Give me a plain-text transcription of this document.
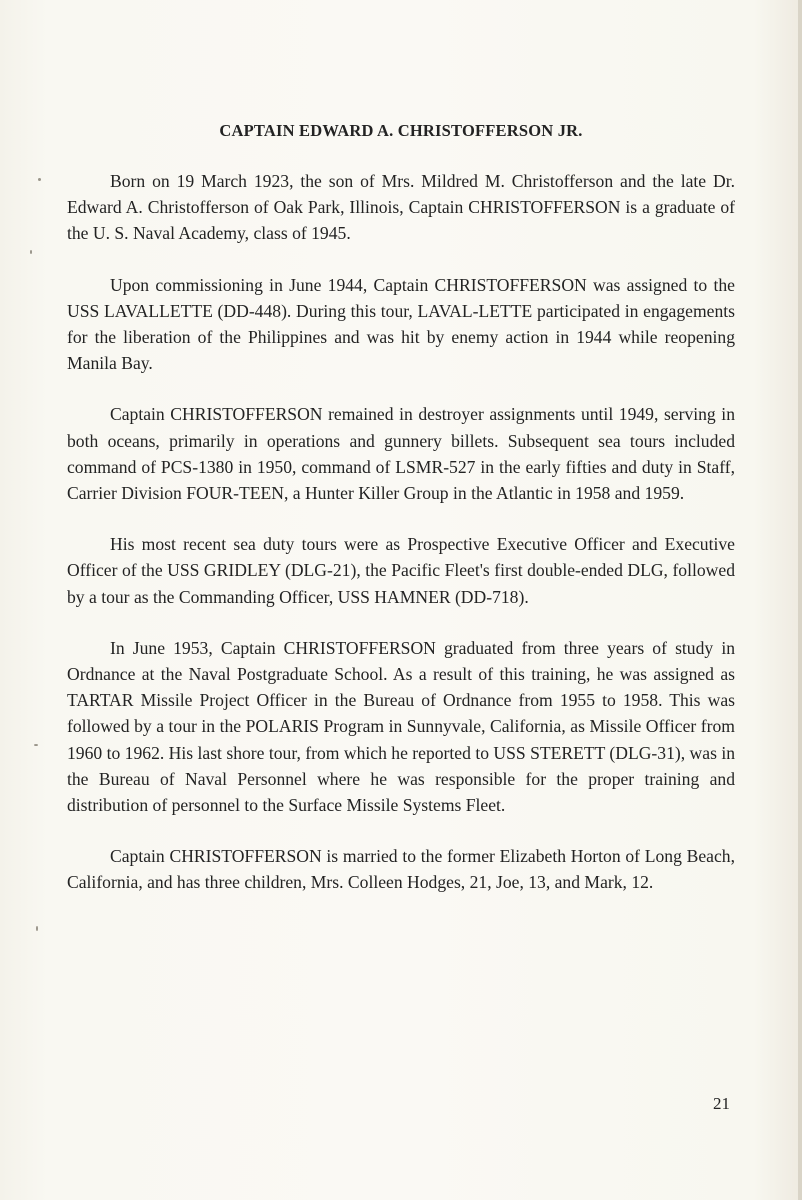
CAPTAIN EDWARD A. CHRISTOFFERSON JR.

Born on 19 March 1923, the son of Mrs. Mildred M. Christofferson and the late Dr. Edward A. Christofferson of Oak Park, Illinois, Captain CHRISTOFFERSON is a graduate of the U. S. Naval Academy, class of 1945.

Upon commissioning in June 1944, Captain CHRISTOFFERSON was assigned to the USS LAVALLETTE (DD-448). During this tour, LAVAL-LETTE participated in engagements for the liberation of the Philippines and was hit by enemy action in 1944 while reopening Manila Bay.

Captain CHRISTOFFERSON remained in destroyer assignments until 1949, serving in both oceans, primarily in operations and gunnery billets. Subsequent sea tours included command of PCS-1380 in 1950, command of LSMR-527 in the early fifties and duty in Staff, Carrier Division FOUR-TEEN, a Hunter Killer Group in the Atlantic in 1958 and 1959.

His most recent sea duty tours were as Prospective Executive Officer and Executive Officer of the USS GRIDLEY (DLG-21), the Pacific Fleet's first double-ended DLG, followed by a tour as the Commanding Officer, USS HAMNER (DD-718).

In June 1953, Captain CHRISTOFFERSON graduated from three years of study in Ordnance at the Naval Postgraduate School. As a result of this training, he was assigned as TARTAR Missile Project Officer in the Bureau of Ordnance from 1955 to 1958. This was followed by a tour in the POLARIS Program in Sunnyvale, California, as Missile Officer from 1960 to 1962. His last shore tour, from which he reported to USS STERETT (DLG-31), was in the Bureau of Naval Personnel where he was responsible for the proper training and distribution of personnel to the Surface Missile Systems Fleet.

Captain CHRISTOFFERSON is married to the former Elizabeth Horton of Long Beach, California, and has three children, Mrs. Colleen Hodges, 21, Joe, 13, and Mark, 12.

21
